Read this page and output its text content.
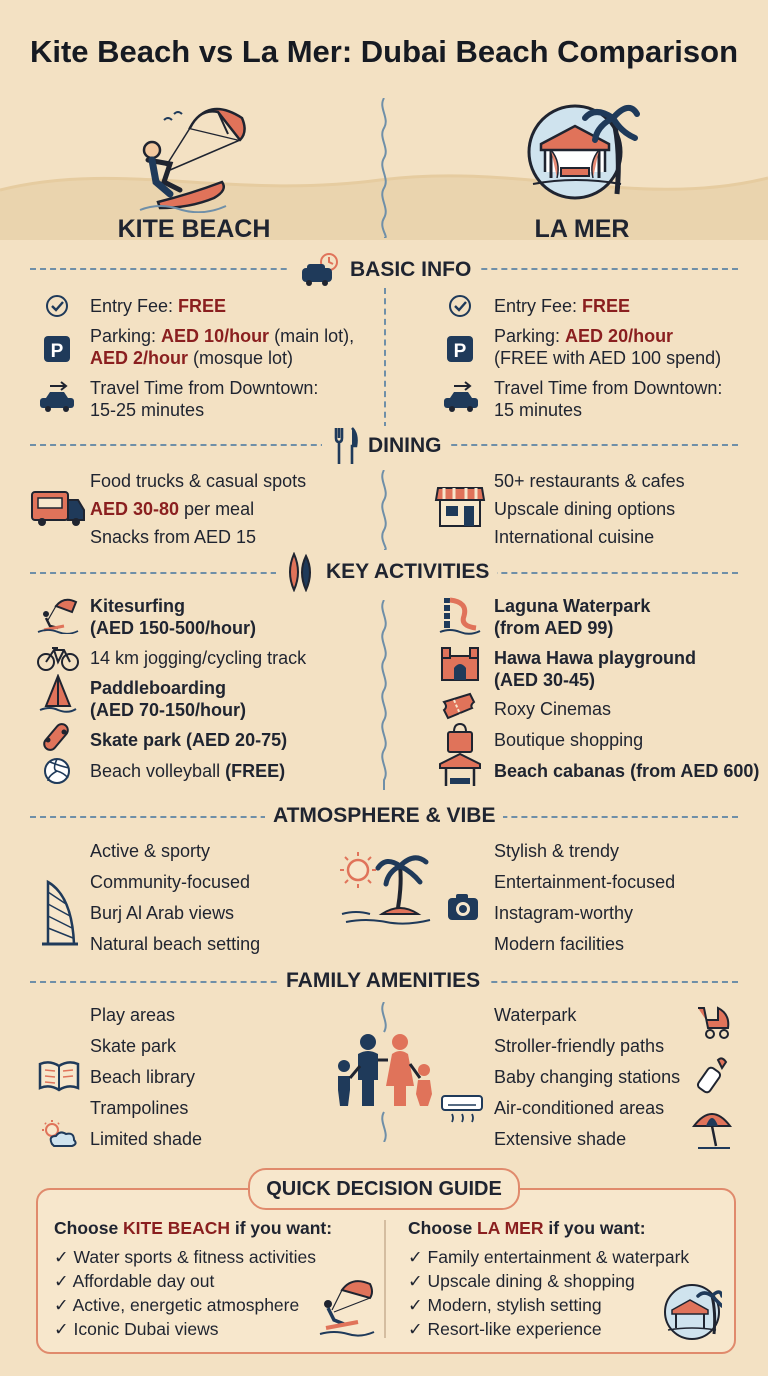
Kite Beach vs La Mer: Dubai Beach Comparison
KITE BEACH	LA MER
BASIC INFO
Entry Fee: FREE
P
Parking: AED 10/hour (main lot),
AED 2/hour (mosque lot)
Travel Time from Downtown:
15-25 minutes
Entry Fee: FREE
P
Parking: AED 20/hour
(FREE with AED 100 spend)
Travel Time from Downtown:
15 minutes
DINING
Food trucks & casual spots
AED 30-80 per meal
Snacks from AED 15
50+ restaurants & cafes
Upscale dining options
International cuisine
KEY ACTIVITIES
Kitesurfing
(AED 150-500/hour)
14 km jogging/cycling track
Paddleboarding
(AED 70-150/hour)
Skate park (AED 20-75)
Beach volleyball (FREE)
Laguna Waterpark
(from AED 99)
Hawa Hawa playground
(AED 30-45)
Roxy Cinemas
Boutique shopping
Beach cabanas (from AED 600)
ATMOSPHERE & VIBE
Active & sporty
Community-focused
Burj Al Arab views
Natural beach setting
Stylish & trendy
Entertainment-focused
Instagram-worthy
Modern facilities
FAMILY AMENITIES
Play areas
Skate park
Beach library
Trampolines
Limited shade
Waterpark
Stroller-friendly paths
Baby changing stations
Air-conditioned areas
Extensive shade
QUICK DECISION GUIDE
Choose KITE BEACH if you want:
✓ Water sports & fitness activities
✓ Affordable day out
✓ Active, energetic atmosphere
✓ Iconic Dubai views
Choose LA MER if you want:
✓ Family entertainment & waterpark
✓ Upscale dining & shopping
✓ Modern, stylish setting
✓ Resort-like experience
